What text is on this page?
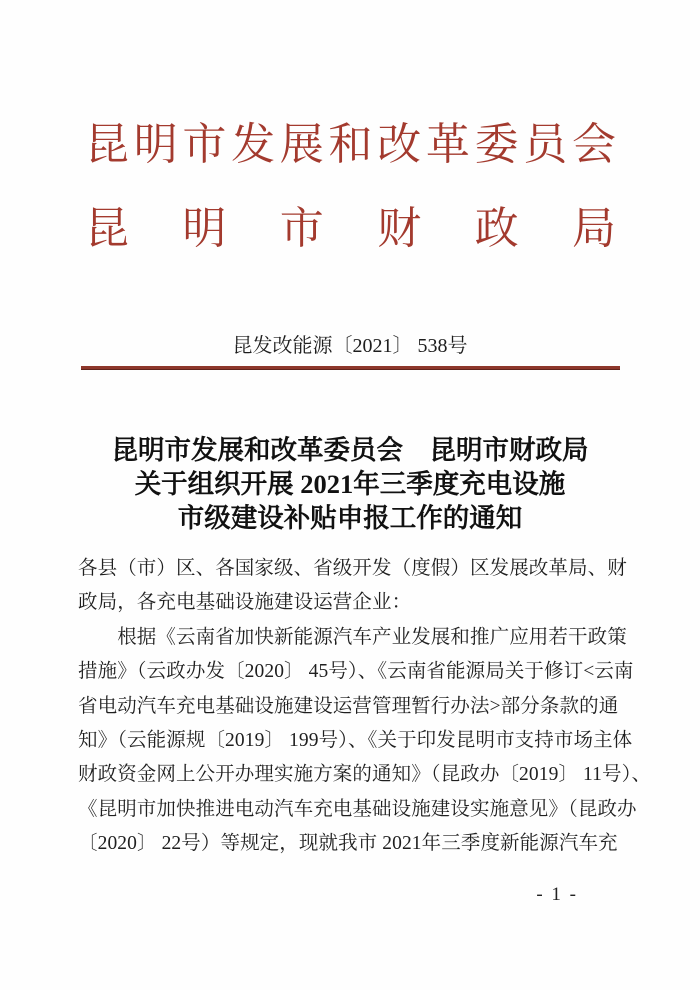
昆明市发展和改革委员会
昆明市财政局
昆发改能源〔2021〕 538号
昆明市发展和改革委员会　昆明市财政局
关于组织开展 2021年三季度充电设施
市级建设补贴申报工作的通知

各县（市）区、各国家级、省级开发（度假）区发展改革局、财

政局，各充电基础设施建设运营企业：

　　根据《云南省加快新能源汽车产业发展和推广应用若干政策

措施》（云政办发〔2020〕 45号）、《云南省能源局关于修订<云南

省电动汽车充电基础设施建设运营管理暂行办法>部分条款的通

知》（云能源规〔2019〕 199号）、《关于印发昆明市支持市场主体

财政资金网上公开办理实施方案的通知》（昆政办〔2019〕 11号）、

《昆明市加快推进电动汽车充电基础设施建设实施意见》（昆政办

〔2020〕 22号）等规定，现就我市 2021年三季度新能源汽车充

- 1 -
